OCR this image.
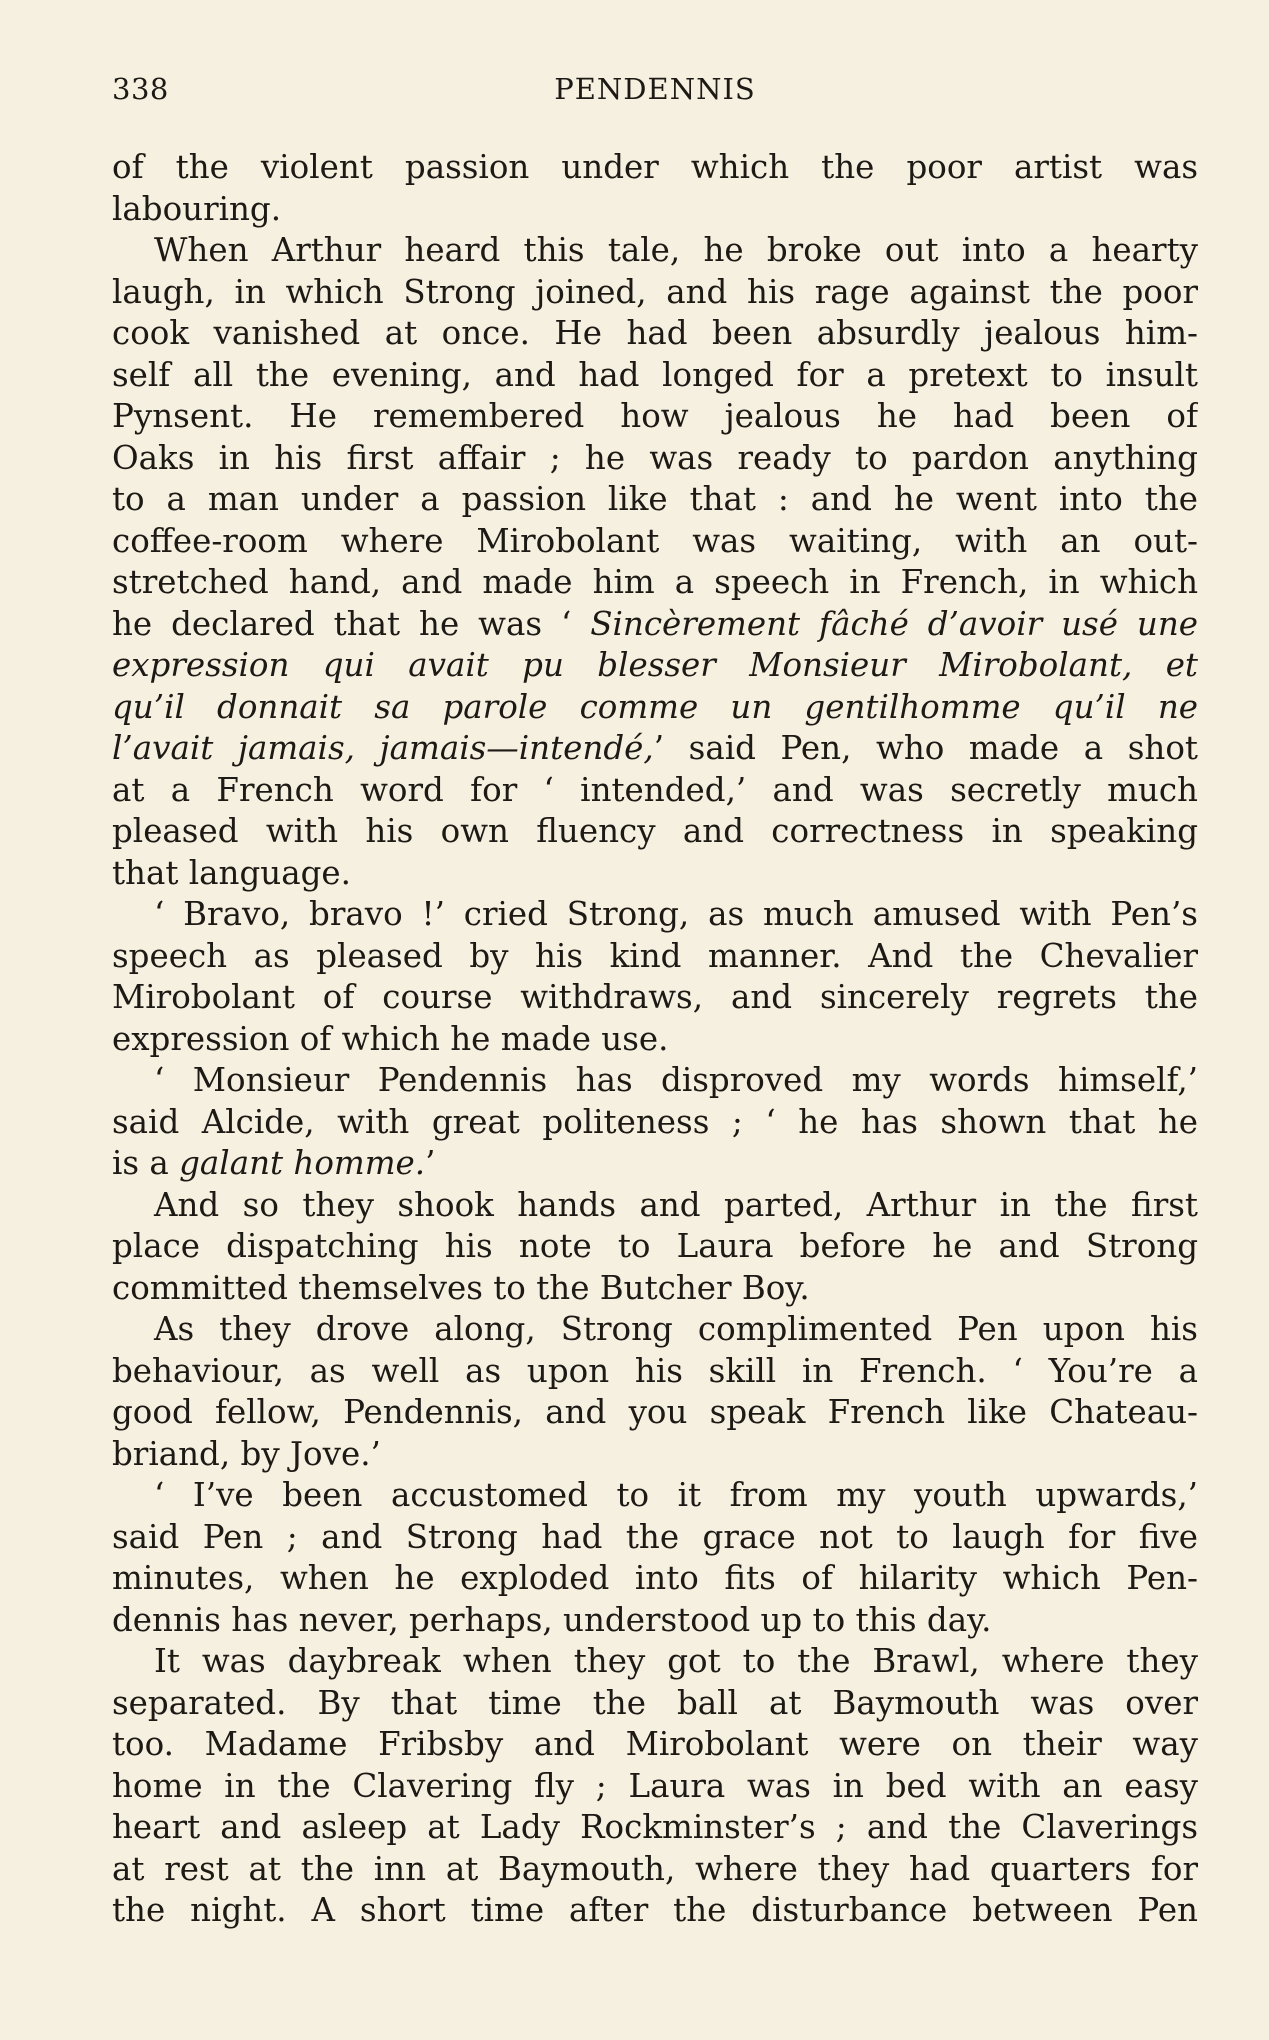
338	PENDENNIS
of the violent passion under which the poor artist was
labouring.
When Arthur heard this tale, he broke out into a hearty
laugh, in which Strong joined, and his rage against the poor
cook vanished at once. He had been absurdly jealous him-
self all the evening, and had longed for a pretext to insult
Pynsent. He remembered how jealous he had been of
Oaks in his first affair ; he was ready to pardon anything
to a man under a passion like that : and he went into the
coffee-room where Mirobolant was waiting, with an out-
stretched hand, and made him a speech in French, in which
he declared that he was ‘ Sincèrement fâché d’avoir usé une
expression qui avait pu blesser Monsieur Mirobolant, et
qu’il donnait sa parole comme un gentilhomme qu’il ne
l’avait jamais, jamais—intendé,’ said Pen, who made a shot
at a French word for ‘ intended,’ and was secretly much
pleased with his own fluency and correctness in speaking
that language.
‘ Bravo, bravo !’ cried Strong, as much amused with Pen’s
speech as pleased by his kind manner. And the Chevalier
Mirobolant of course withdraws, and sincerely regrets the
expression of which he made use.
‘ Monsieur Pendennis has disproved my words himself,’
said Alcide, with great politeness ; ‘ he has shown that he
is a galant homme.’
And so they shook hands and parted, Arthur in the first
place dispatching his note to Laura before he and Strong
committed themselves to the Butcher Boy.
As they drove along, Strong complimented Pen upon his
behaviour, as well as upon his skill in French. ‘ You’re a
good fellow, Pendennis, and you speak French like Chateau-
briand, by Jove.’
‘ I’ve been accustomed to it from my youth upwards,’
said Pen ; and Strong had the grace not to laugh for five
minutes, when he exploded into fits of hilarity which Pen-
dennis has never, perhaps, understood up to this day.
It was daybreak when they got to the Brawl, where they
separated. By that time the ball at Baymouth was over
too. Madame Fribsby and Mirobolant were on their way
home in the Clavering fly ; Laura was in bed with an easy
heart and asleep at Lady Rockminster’s ; and the Claverings
at rest at the inn at Baymouth, where they had quarters for
the night. A short time after the disturbance between Pen
